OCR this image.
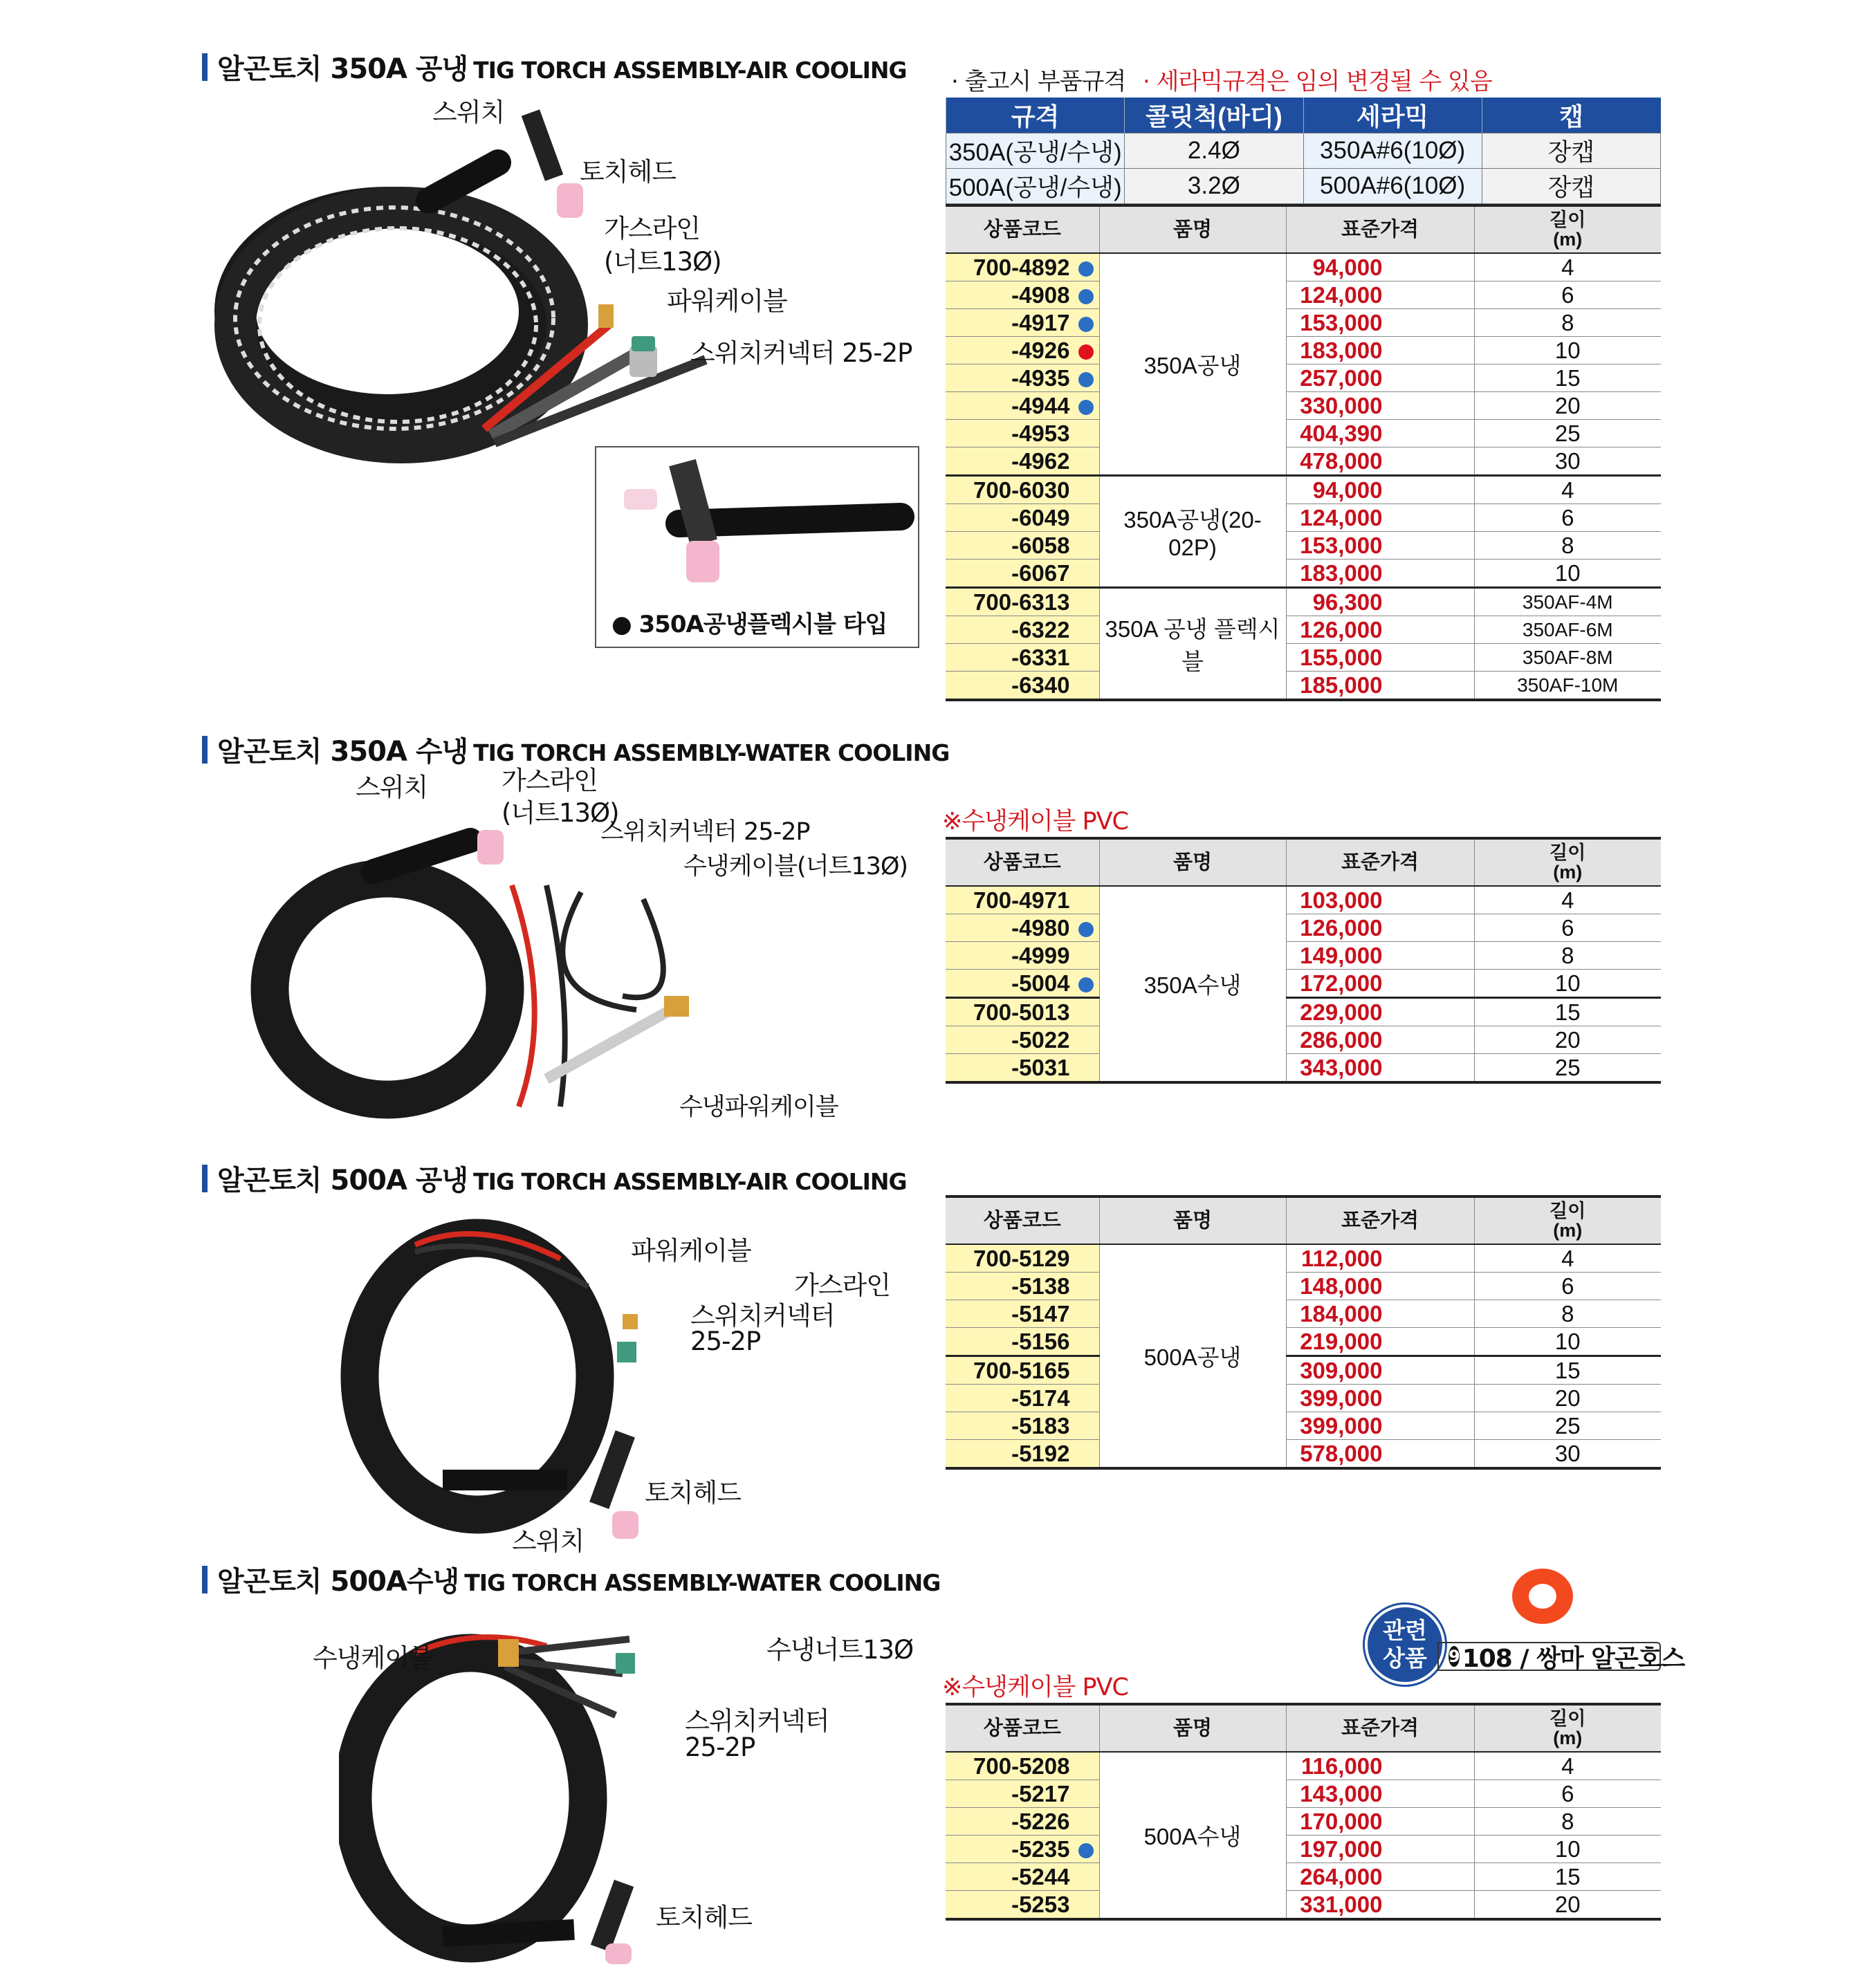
알곤토치 350A 공냉 TIG TORCH ASSEMBLY-AIR COOLING
알곤토치 350A 수냉 TIG TORCH ASSEMBLY-WATER COOLING
알곤토치 500A 공냉 TIG TORCH ASSEMBLY-AIR COOLING
알곤토치 500A수냉 TIG TORCH ASSEMBLY-WATER COOLING
스위치
토치헤드
가스라인
(너트13Ø)
파워케이블
스위치커넥터 25-2P
● 350A공냉플렉시블 타입
스위치	가스라인
(너트13Ø)
스위치커넥터 25-2P
수냉케이블(너트13Ø)
수냉파워케이블
파워케이블
가스라인
스위치커넥터
25-2P
토치헤드
스위치
수냉케이블	수냉너트13Ø
스위치커넥터
25-2P
토치헤드
· 출고시 부품규격 · 세라믹규격은 임의 변경될 수 있음
규격	콜릿척(바디)	세라믹	캡
350A(공냉/수냉)	2.4Ø	350A#6(10Ø)	장캡
500A(공냉/수냉)	3.2Ø	500A#6(10Ø)	장캡
상품코드	품명	표준가격	길이
(m)

700-4892	350A공냉	94,000	4
-4908		124,000	6
-4917		153,000	8
-4926		183,000	10
-4935		257,000	15
-4944		330,000	20
-4953		404,390	25
-4962		478,000	30
700-6030	350A공냉(20-02P)	94,000	4
-6049		124,000	6
-6058		153,000	8
-6067		183,000	10
700-6313	350A 공냉 플렉시블	96,300	350AF-4M
-6322		126,000	350AF-6M
-6331		155,000	350AF-8M
-6340		185,000	350AF-10M
※수냉케이블 PVC
상품코드	품명	표준가격	길이
(m)

700-4971	350A수냉	103,000	4
-4980		126,000	6
-4999		149,000	8
-5004		172,000	10
700-5013		229,000	15
-5022		286,000	20
-5031		343,000	25
상품코드	품명	표준가격	길이
(m)

700-5129	500A공냉	112,000	4
-5138		148,000	6
-5147		184,000	8
-5156		219,000	10
700-5165		309,000	15
-5174		399,000	20
-5183		399,000	25
-5192		578,000	30
관련
상품 9 108 / 쌍마 알곤호스
※수냉케이블 PVC
상품코드	품명	표준가격	길이
(m)

700-5208	500A수냉	116,000	4
-5217		143,000	6
-5226		170,000	8
-5235		197,000	10
-5244		264,000	15
-5253		331,000	20
